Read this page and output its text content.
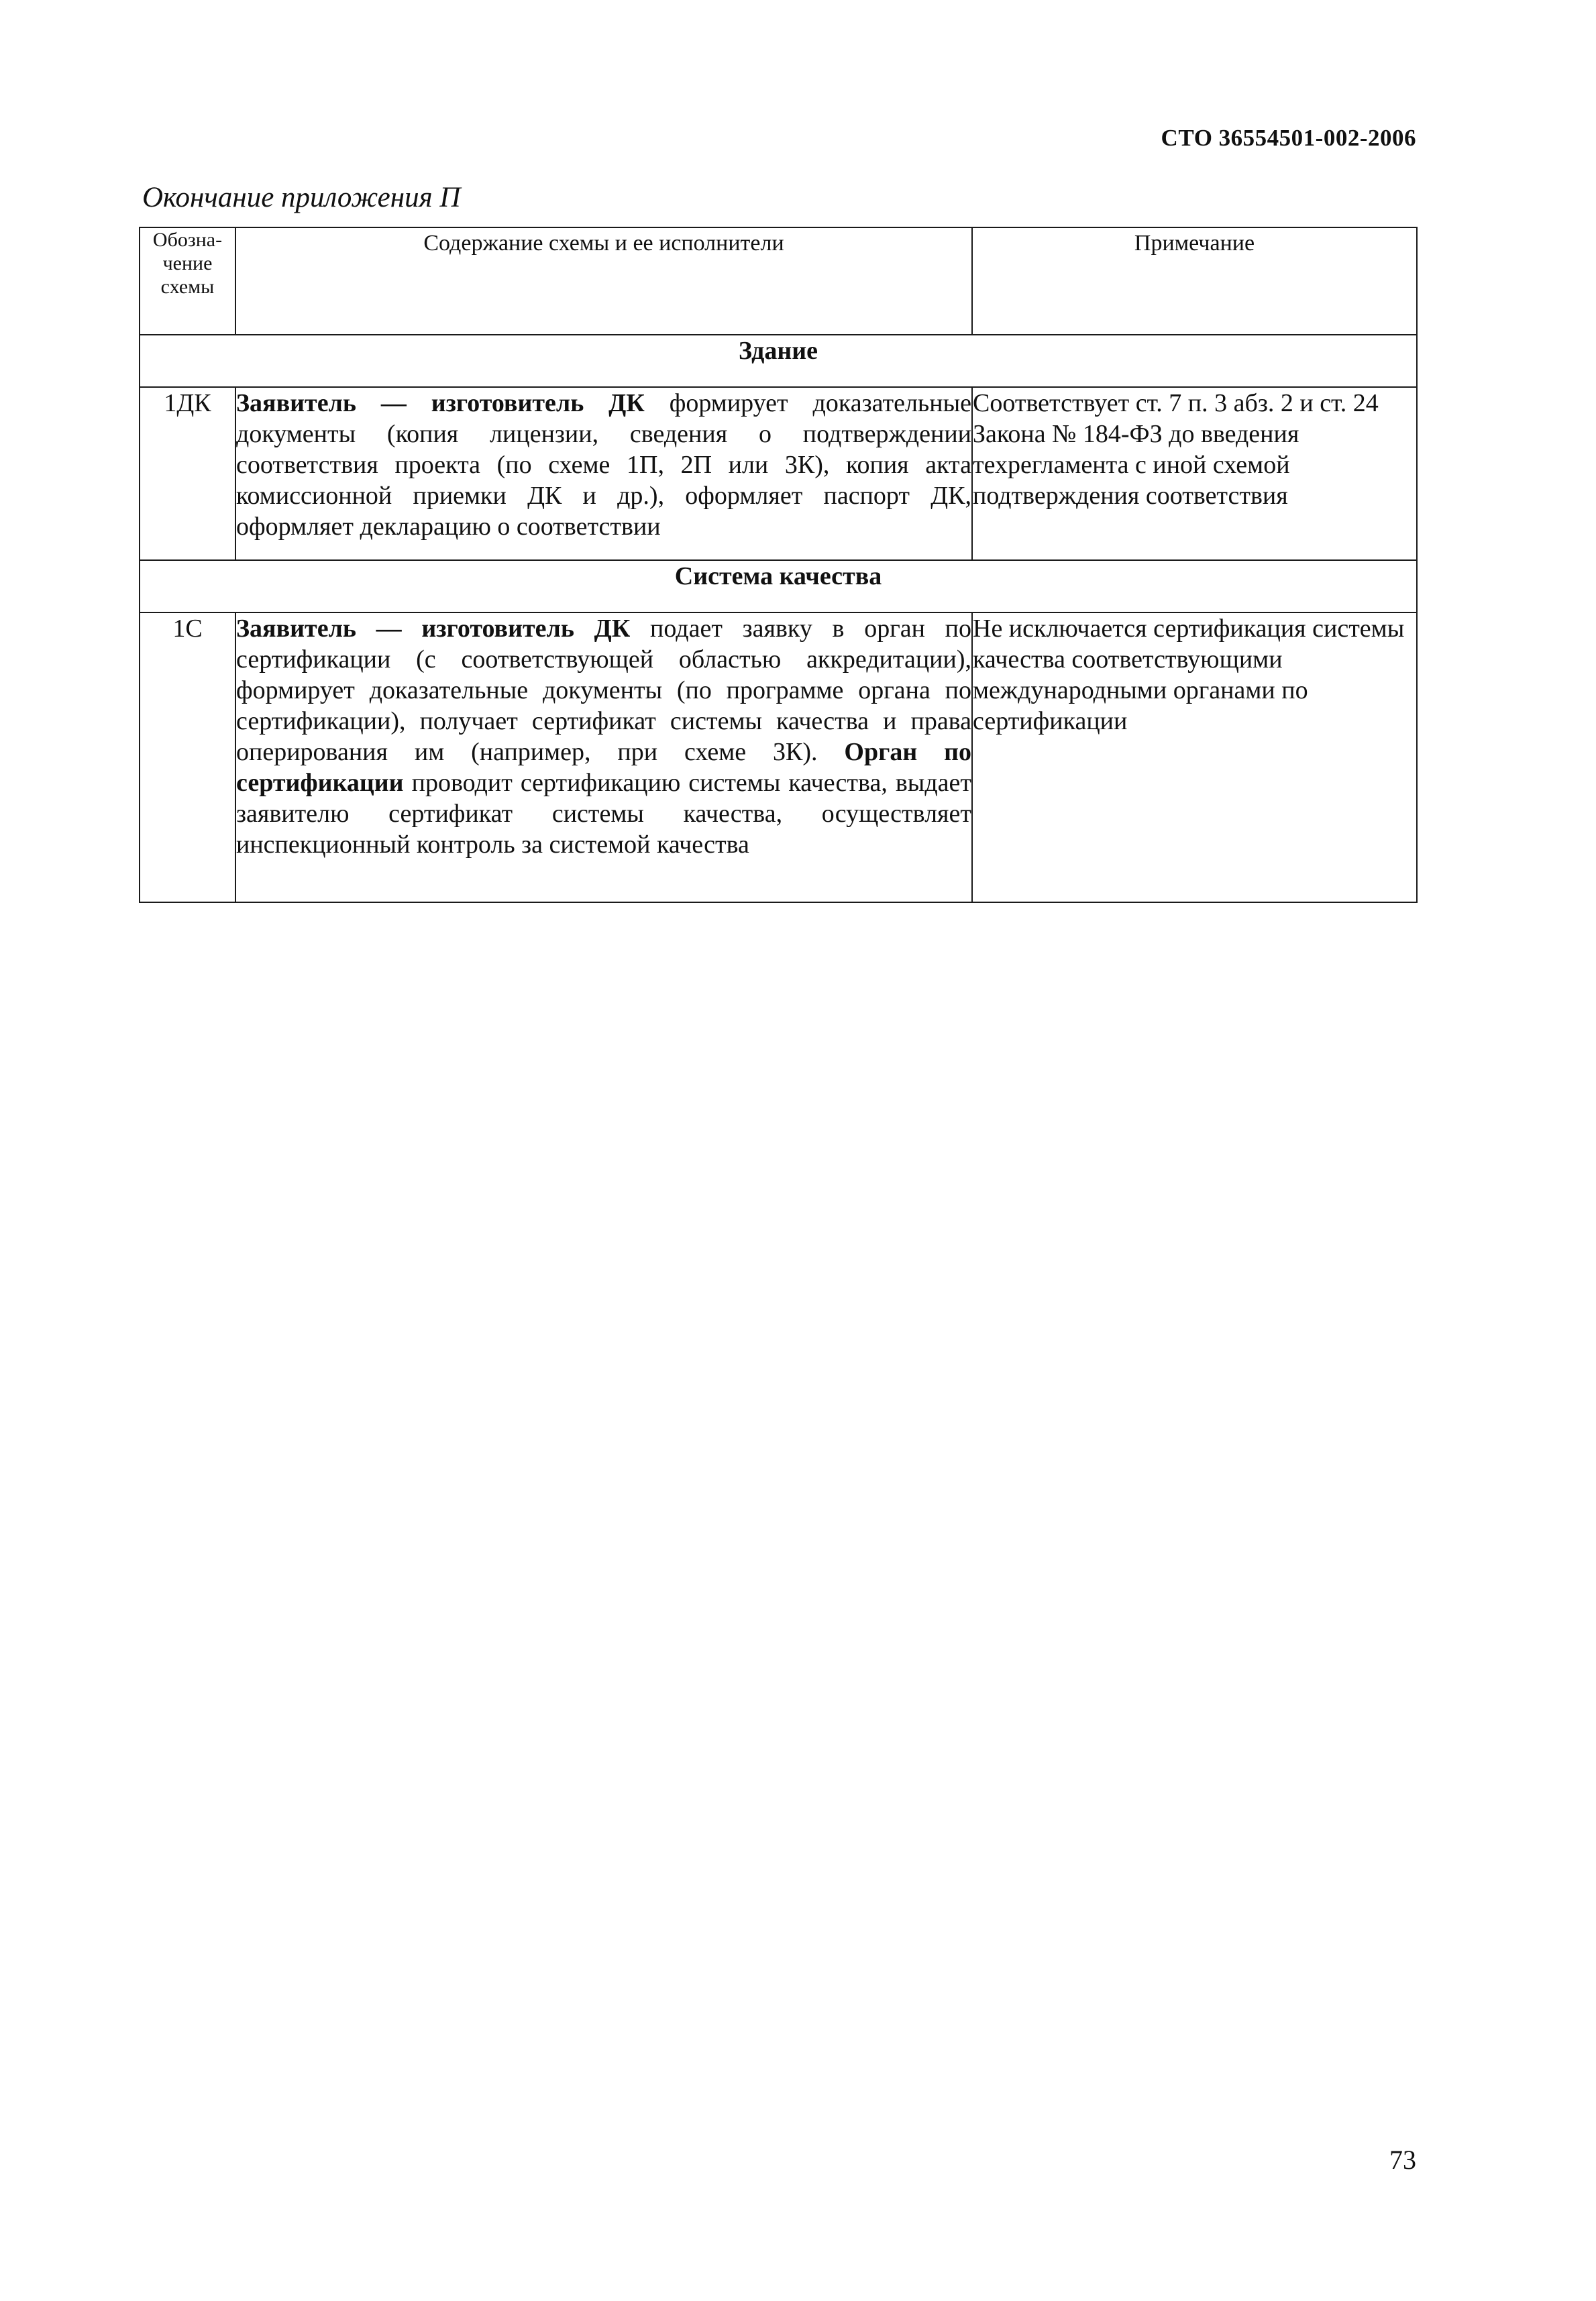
СТО 36554501-002-2006
Окончание приложения П
Обозна-
чение
схемы	Содержание схемы и ее исполнители	Примечание
Здание		
1ДК	Заявитель — изготовитель ДК формирует доказательные документы (копия лицензии, сведения о подтверждении соответствия проекта (по схеме 1П, 2П или 3К), копия акта комиссионной приемки ДК и др.), оформляет паспорт ДК, оформляет декларацию о соответствии	Соответствует ст. 7 п. 3 абз. 2 и ст. 24 Закона № 184-ФЗ до введения техрегламента с иной схемой подтверждения соответствия
Система качества		
1С	Заявитель — изготовитель ДК подает заявку в орган по сертификации (с соответствующей областью аккредитации), формирует доказательные документы (по программе органа по сертификации), получает сертификат системы качества и права оперирования им (например, при схеме 3К). Орган по сертификации проводит сертификацию системы качества, выдает заявителю сертификат системы качества, осуществляет инспекционный контроль за системой качества	Не исключается сертификация системы качества соответствующими международными органами по сертификации
73
